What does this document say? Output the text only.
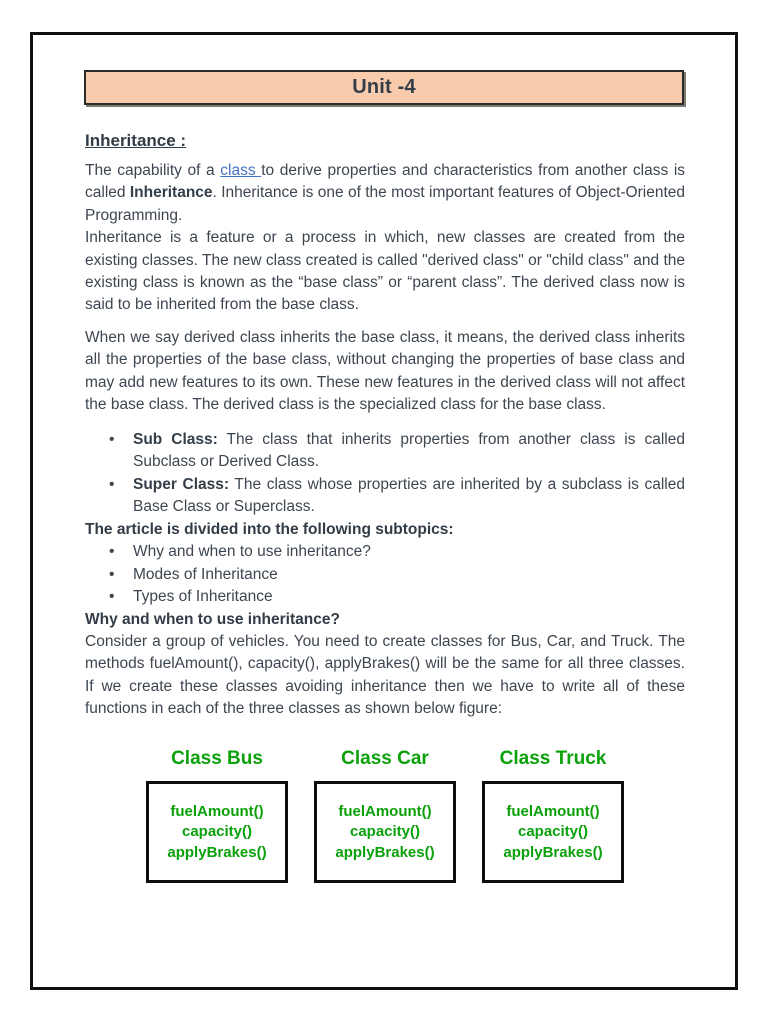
Unit -4
Inheritance :

The capability of a class to derive properties and characteristics from another class is called Inheritance. Inheritance is one of the most important features of Object-Oriented Programming.

Inheritance is a feature or a process in which, new classes are created from the existing classes. The new class created is called "derived class" or "child class" and the existing class is known as the “base class” or “parent class”. The derived class now is said to be inherited from the base class.

When we say derived class inherits the base class, it means, the derived class inherits all the properties of the base class, without changing the properties of base class and may add new features to its own. These new features in the derived class will not affect the base class. The derived class is the specialized class for the base class.

• Sub Class: The class that inherits properties from another class is called Subclass or Derived Class.
• Super Class: The class whose properties are inherited by a subclass is called Base Class or Superclass.
The article is divided into the following subtopics:
• Why and when to use inheritance?
• Modes of Inheritance
• Types of Inheritance
Why and when to use inheritance?

Consider a group of vehicles. You need to create classes for Bus, Car, and Truck. The methods fuelAmount(), capacity(), applyBrakes() will be the same for all three classes. If we create these classes avoiding inheritance then we have to write all of these functions in each of the three classes as shown below figure:

Class Bus
fuelAmount()
capacity()
applyBrakes()
Class Car
fuelAmount()
capacity()
applyBrakes()
Class Truck
fuelAmount()
capacity()
applyBrakes()
